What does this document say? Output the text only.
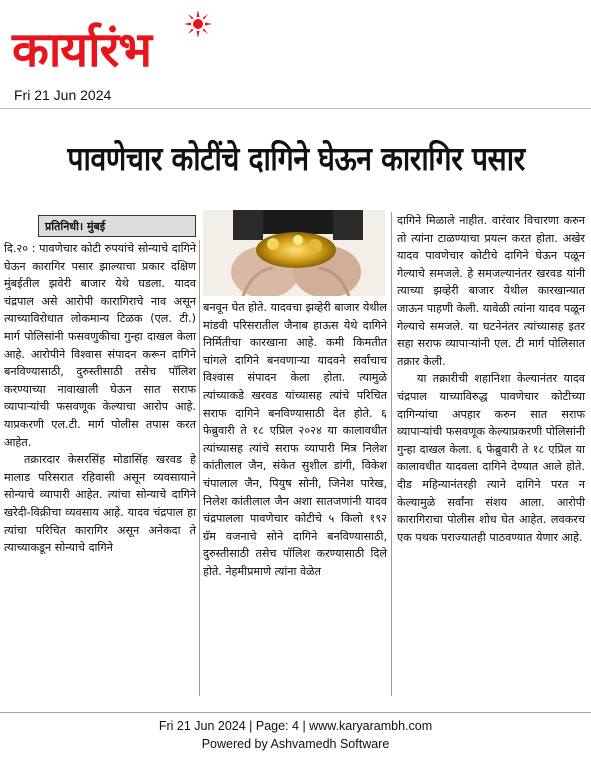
कार्यारंभ
Fri 21 Jun 2024
पावणेचार कोटींचे दागिने घेऊन कारागिर पसार
प्रतिनिधी। मुंबई

दि.२० : पावणेचार कोटी रुपयांचे सोन्याचे दागिने घेऊन कारागिर पसार झाल्याचा प्रकार दक्षिण मुंबईतील झवेरी बाजार येथे घडला. यादव चंद्रपाल असे आरोपी कारागिराचे नाव असून त्याच्याविरोधात लोकमान्य टिळक (एल. टी.) मार्ग पोलिसांनी फसवणुकीचा गुन्हा दाखल केला आहे. आरोपीने विश्वास संपादन करून दागिने बनविण्यासाठी, दुरुस्तीसाठी तसेच पॉलिश करण्याच्या नावाखाली घेऊन सात सराफ व्यापाऱ्यांची फसवणूक केल्याचा आरोप आहे. याप्रकरणी एल.टी. मार्ग पोलीस तपास करत आहेत.

तक्रारदार केसरसिंह मोडासिंह खरवड हे मालाड परिसरात रहिवासी असून व्यवसायाने सोन्याचे व्यापारी आहेत. त्यांचा सोन्याचे दागिने खरेदी-विक्रीचा व्यवसाय आहे. यादव चंद्रपाल हा त्यांचा परिचित कारागिर असून अनेकदा ते त्याच्याकडून सोन्याचे दागिने

बनवून घेत होते. यादवचा झव्हेरी बाजार येथील मांडवी परिसरातील जैनाब हाऊस येथे दागिने निर्मितीचा कारखाना आहे. कमी किमतीत चांगले दागिने बनवणाऱ्या यादवने सर्वांचाच विश्वास संपादन केला होता. त्यामुळे त्यांच्याकडे खरवड यांच्यासह त्यांचे परिचित सराफ दागिने बनविण्यासाठी देत होते. ६ फेब्रुवारी ते १८ एप्रिल २०२४ या कालावधीत त्यांच्यासह त्यांचे सराफ व्यापारी मित्र निलेश कांतीलाल जैन, संकेत सुशील डांगी, विकेश चंपालाल जैन, पियुष सोनी, जिनेश पारेख, निलेश कांतीलाल जैन अशा सातजणांनी यादव चंद्रपालला पावणेचार कोटीचे ५ किलो १९२ ग्रॅम वजनाचे सोने दागिने बनविण्यासाठी, दुरुस्तीसाठी तसेच पॉलिश करण्यासाठी दिले होते. नेहमीप्रमाणे त्यांना वेळेत

दागिने मिळाले नाहीत. वारंवार विचारणा करुन तो त्यांना टाळण्याचा प्रयत्न करत होता. अखेर यादव पावणेचार कोटीचे दागिने घेऊन पळून गेल्याचे समजले. हे समजल्यानंतर खरवड यांनी त्याच्या झव्हेरी बाजार येथील कारखान्यात जाऊन पाहणी केली. यावेळी त्यांना यादव पळून गेल्याचे समजले. या घटनेनंतर त्यांच्यासह इतर सहा सराफ व्यापाऱ्यांनी एल. टी मार्ग पोलिसात तक्रार केली.

या तक्रारीची शहानिशा केल्यानंतर यादव चंद्रपाल याच्याविरुद्ध पावणेचार कोटीच्या दागिन्यांचा अपहार करुन सात सराफ व्यापाऱ्यांची फसवणूक केल्याप्रकरणी पोलिसांनी गुन्हा दाखल केला. ६ फेब्रुवारी ते १८ एप्रिल या कालावधीत यादवला दागिने देण्यात आले होते. दीड महिन्यानंतरही त्याने दागिने परत न केल्यामुळे सर्वांना संशय आला. आरोपी कारागिराचा पोलीस शोध घेत आहेत. लवकरच एक पथक पराज्यातही पाठवण्यात येणार आहे.

Fri 21 Jun 2024 | Page: 4 | www.karyarambh.com
Powered by Ashvamedh Software
